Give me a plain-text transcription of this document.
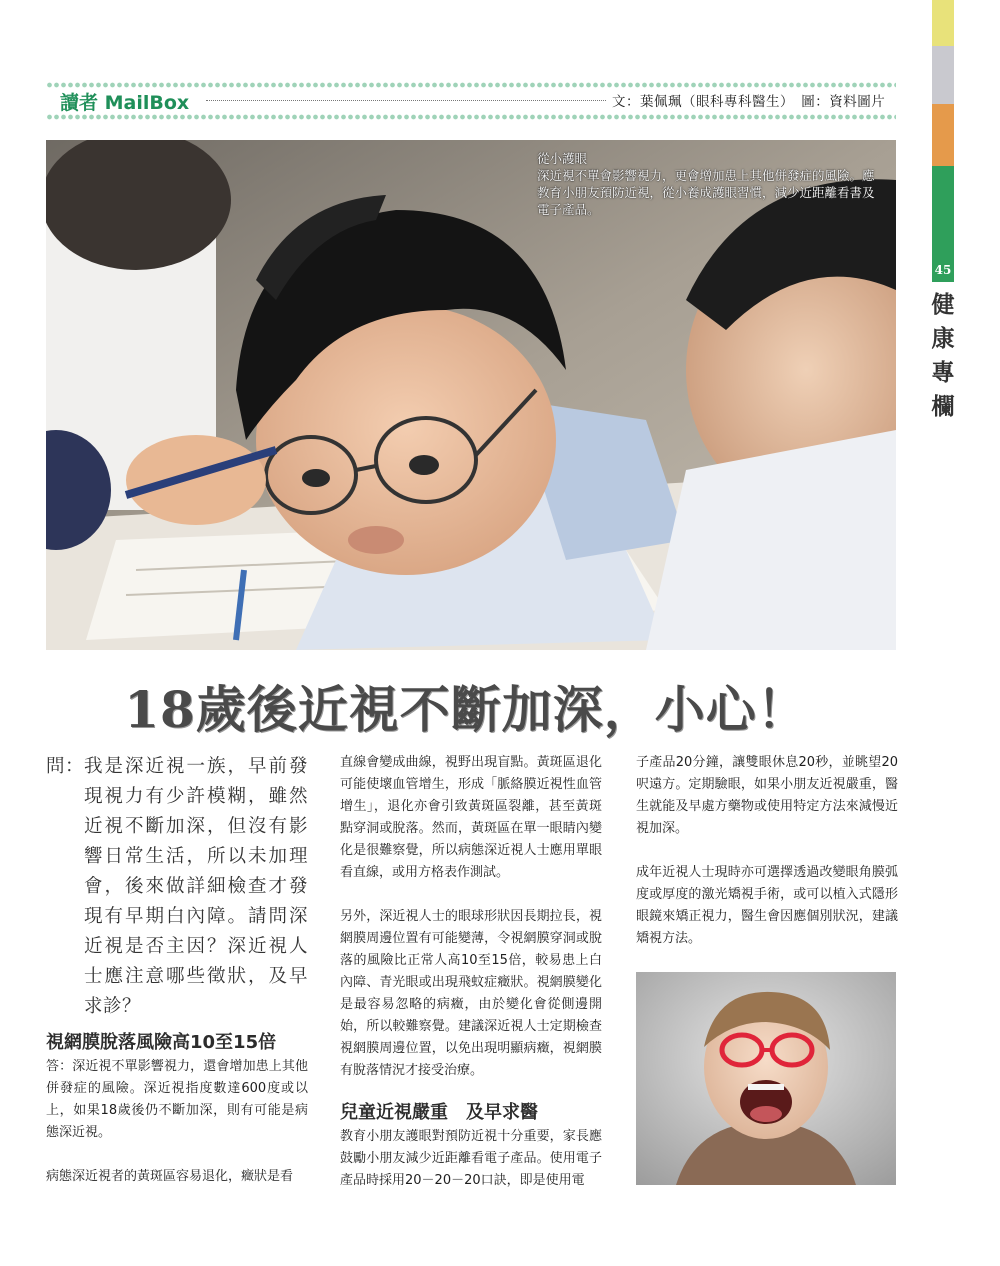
45
健康專欄
讀者 MailBox	文：葉佩珮（眼科專科醫生）　圖：資料圖片
從小護眼
深近視不單會影響視力，更會增加患上其他併發症的風險。應教育小朋友預防近視，從小養成護眼習慣，減少近距離看書及電子產品。
18歲後近視不斷加深，小心！
問： 我是深近視一族，早前發現視力有少許模糊，雖然近視不斷加深，但沒有影響日常生活，所以未加理會，後來做詳細檢查才發現有早期白內障。請問深近視是否主因？深近視人士應注意哪些徵狀，及早求診？
視網膜脫落風險高10至15倍

答：深近視不單影響視力，還會增加患上其他併發症的風險。深近視指度數達600度或以上，如果18歲後仍不斷加深，則有可能是病態深近視。

病態深近視者的黃斑區容易退化，癥狀是看

直線會變成曲線，視野出現盲點。黃斑區退化可能使壞血管增生，形成「脈絡膜近視性血管增生」，退化亦會引致黃斑區裂離，甚至黃斑點穿洞或脫落。然而，黃斑區在單一眼睛內變化是很難察覺，所以病態深近視人士應用單眼看直線，或用方格表作測試。

另外，深近視人士的眼球形狀因長期拉長，視網膜周邊位置有可能變薄，令視網膜穿洞或脫落的風險比正常人高10至15倍，較易患上白內障、青光眼或出現飛蚊症癥狀。視網膜變化是最容易忽略的病癥，由於變化會從側邊開始，所以較難察覺。建議深近視人士定期檢查視網膜周邊位置，以免出現明顯病癥，視網膜有脫落情況才接受治療。

兒童近視嚴重　及早求醫

教育小朋友護眼對預防近視十分重要，家長應鼓勵小朋友減少近距離看電子產品。使用電子產品時採用20－20－20口訣，即是使用電

子產品20分鐘，讓雙眼休息20秒，並眺望20呎遠方。定期驗眼，如果小朋友近視嚴重，醫生就能及早處方藥物或使用特定方法來減慢近視加深。

成年近視人士現時亦可選擇透過改變眼角膜弧度或厚度的激光矯視手術，或可以植入式隱形眼鏡來矯正視力，醫生會因應個別狀況，建議矯視方法。
